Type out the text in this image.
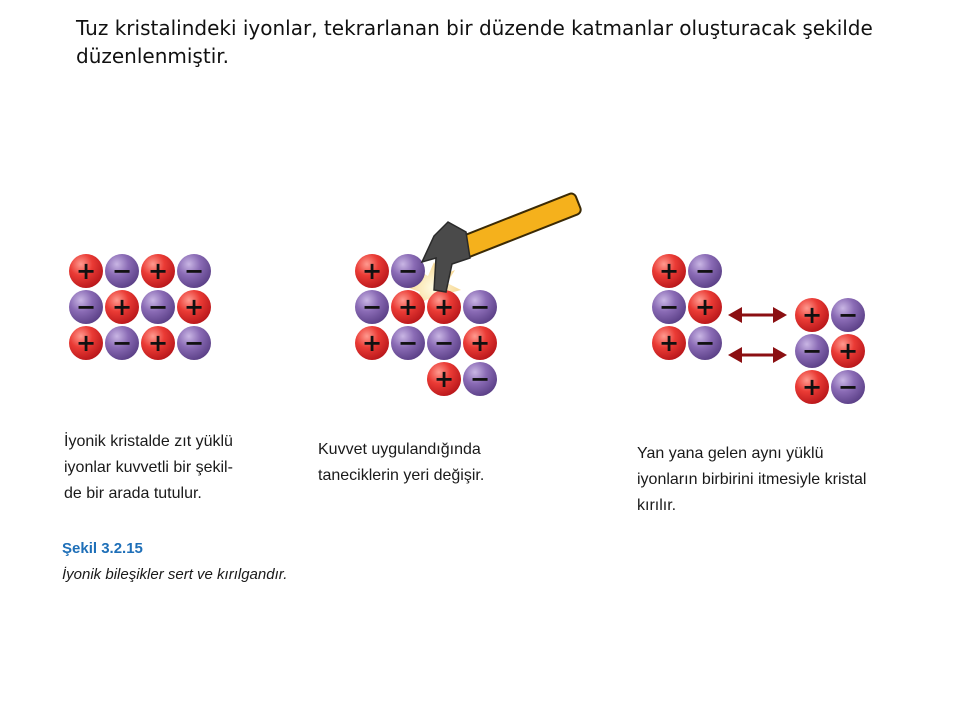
Tuz kristalindeki iyonlar, tekrarlanan bir düzende katmanlar oluşturacak şekilde düzenlenmiştir.
+ − + −
− + − +
+ − + −
+ −
− + + −
+ − − +
+ −
+ −
− +
+ −
+ −
− +
+ −
İyonik kristalde zıt yüklü
iyonlar kuvvetli bir şekil-
de bir arada tutulur.
Kuvvet uygulandığında
taneciklerin yeri değişir.
Yan yana gelen aynı yüklü
iyonların birbirini itmesiyle kristal
kırılır.
Şekil 3.2.15
İyonik bileşikler sert ve kırılgandır.
